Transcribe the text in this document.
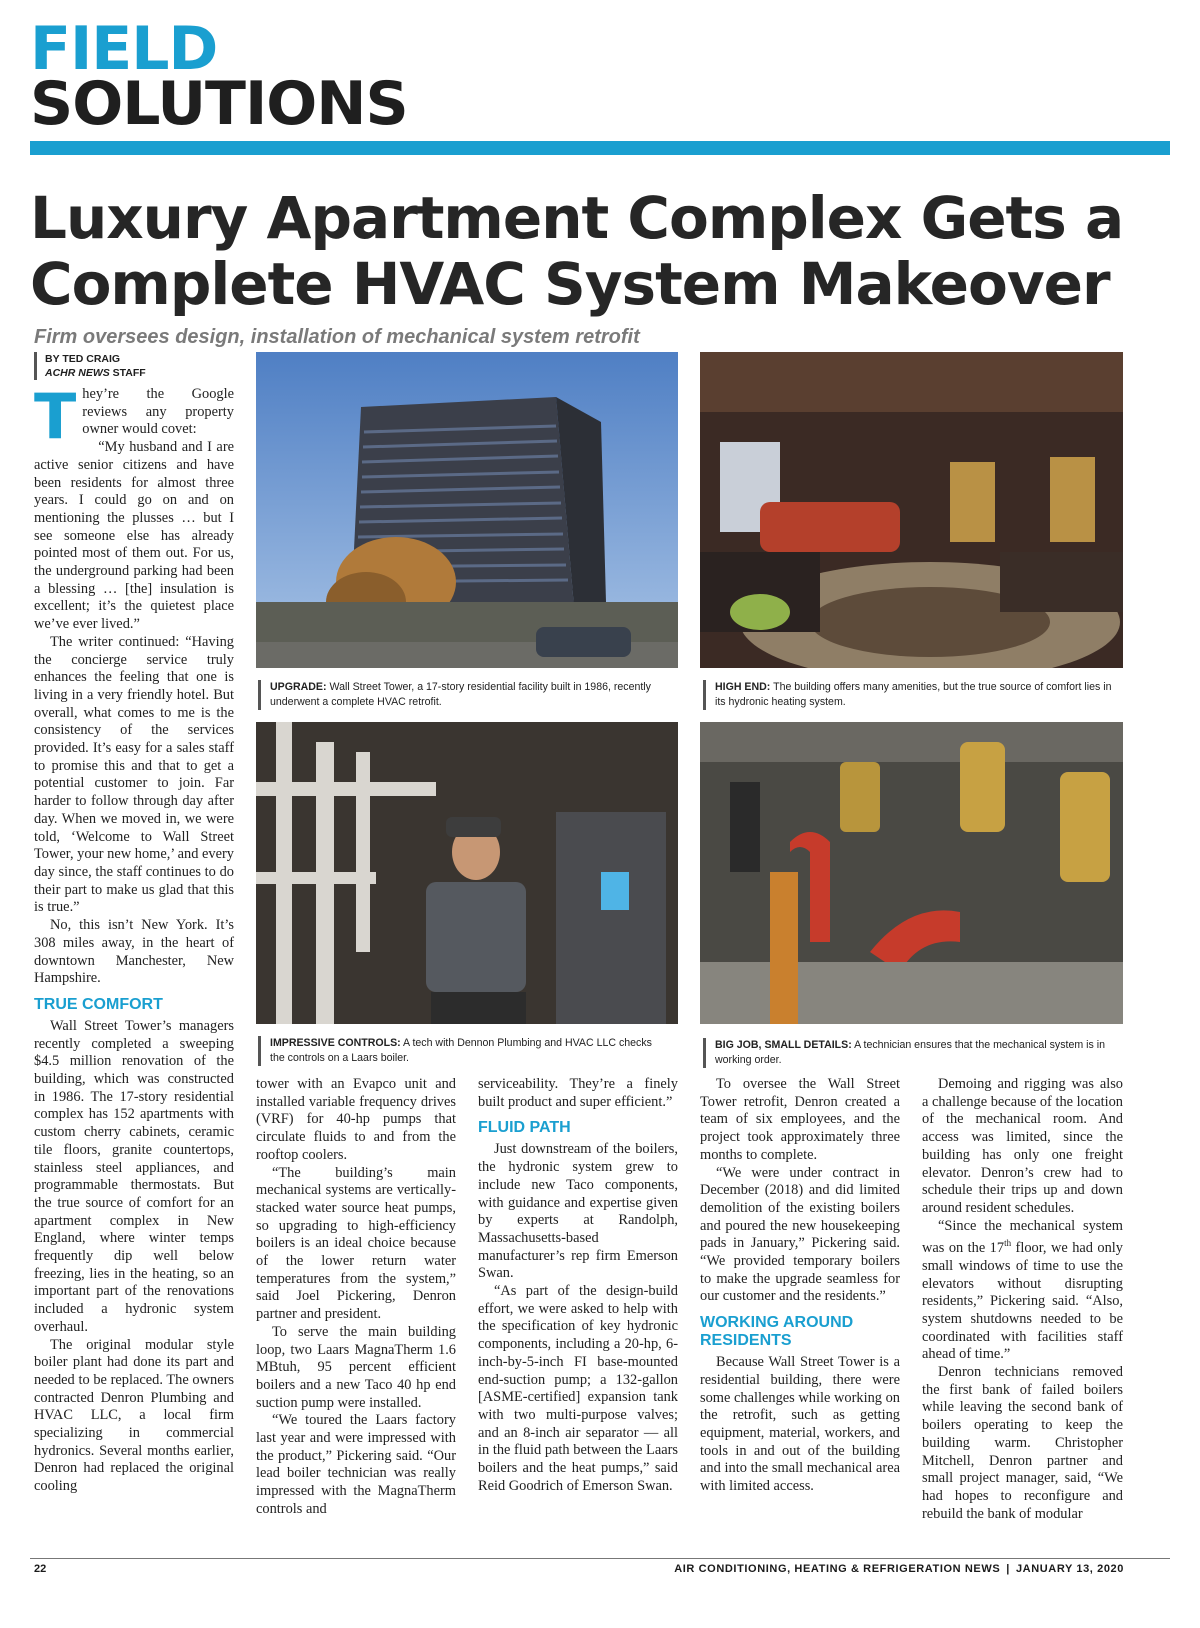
FIELD
SOLUTIONS
Luxury Apartment Complex Gets a Complete HVAC System Makeover
Firm oversees design, installation of mechanical system retrofit
BY TED CRAIG
ACHR NEWS STAFF
T hey’re the Google reviews any property owner would covet:

“My husband and I are active senior citizens and have been residents for almost three years. I could go on and on mentioning the plusses … but I see someone else has already pointed most of them out. For us, the underground parking had been a blessing … [the] insulation is excellent; it’s the quietest place we’ve ever lived.”

The writer continued: “Having the concierge service truly enhances the feeling that one is living in a very friendly hotel. But overall, what comes to me is the consistency of the services provided. It’s easy for a sales staff to promise this and that to get a potential customer to join. Far harder to follow through day after day. When we moved in, we were told, ‘Welcome to Wall Street Tower, your new home,’ and every day since, the staff continues to do their part to make us glad that this is true.”

No, this isn’t New York. It’s 308 miles away, in the heart of downtown Manchester, New Hampshire.

TRUE COMFORT

Wall Street Tower’s managers recently completed a sweeping $4.5 million renovation of the building, which was constructed in 1986. The 17-story residential complex has 152 apartments with custom cherry cabinets, ceramic tile floors, granite countertops, stainless steel appliances, and programmable thermostats. But the true source of comfort for an apartment complex in New England, where winter temps frequently dip well below freezing, lies in the heating, so an important part of the renovations included a hydronic system overhaul.

The original modular style boiler plant had done its part and needed to be replaced. The owners contracted Denron Plumbing and HVAC LLC, a local firm specializing in commercial hydronics. Several months earlier, Denron had replaced the original cooling

UPGRADE: Wall Street Tower, a 17-story residential facility built in 1986, recently underwent a complete HVAC retrofit.
HIGH END: The building offers many amenities, but the true source of comfort lies in its hydronic heating system.
IMPRESSIVE CONTROLS: A tech with Dennon Plumbing and HVAC LLC checks the controls on a Laars boiler.
BIG JOB, SMALL DETAILS: A technician ensures that the mechanical system is in working order.

tower with an Evapco unit and installed variable frequency drives (VRF) for 40-hp pumps that circulate fluids to and from the rooftop coolers.

“The building’s main mechanical systems are vertically-stacked water source heat pumps, so upgrading to high-efficiency boilers is an ideal choice because of the lower return water temperatures from the system,” said Joel Pickering, Denron partner and president.

To serve the main building loop, two Laars MagnaTherm 1.6 MBtuh, 95 percent efficient boilers and a new Taco 40 hp end suction pump were installed.

“We toured the Laars factory last year and were impressed with the product,” Pickering said. “Our lead boiler technician was really impressed with the MagnaTherm controls and

serviceability. They’re a finely built product and super efficient.”

FLUID PATH

Just downstream of the boilers, the hydronic system grew to include new Taco components, with guidance and expertise given by experts at Randolph, Massachusetts-based manufacturer’s rep firm Emerson Swan.

“As part of the design-build effort, we were asked to help with the specification of key hydronic components, including a 20-hp, 6-inch-by-5-inch FI base-mounted end-suction pump; a 132-gallon [ASME-certified] expansion tank with two multi-purpose valves; and an 8-inch air separator — all in the fluid path between the Laars boilers and the heat pumps,” said Reid Goodrich of Emerson Swan.

To oversee the Wall Street Tower retrofit, Denron created a team of six employees, and the project took approximately three months to complete.

“We were under contract in December (2018) and did limited demolition of the existing boilers and poured the new housekeeping pads in January,” Pickering said. “We provided temporary boilers to make the upgrade seamless for our customer and the residents.”

WORKING AROUND RESIDENTS

Because Wall Street Tower is a residential building, there were some challenges while working on the retrofit, such as getting equipment, material, workers, and tools in and out of the building and into the small mechanical area with limited access.

Demoing and rigging was also a challenge because of the location of the mechanical room. And access was limited, since the building has only one freight elevator. Denron’s crew had to schedule their trips up and down around resident schedules.

“Since the mechanical system was on the 17th floor, we had only small windows of time to use the elevators without disrupting residents,” Pickering said. “Also, system shutdowns needed to be coordinated with facilities staff ahead of time.”

Denron technicians removed the first bank of failed boilers while leaving the second bank of boilers operating to keep the building warm. Christopher Mitchell, Denron partner and small project manager, said, “We had hopes to reconfigure and rebuild the bank of modular

22	AIR CONDITIONING, HEATING & REFRIGERATION NEWS | JANUARY 13, 2020
